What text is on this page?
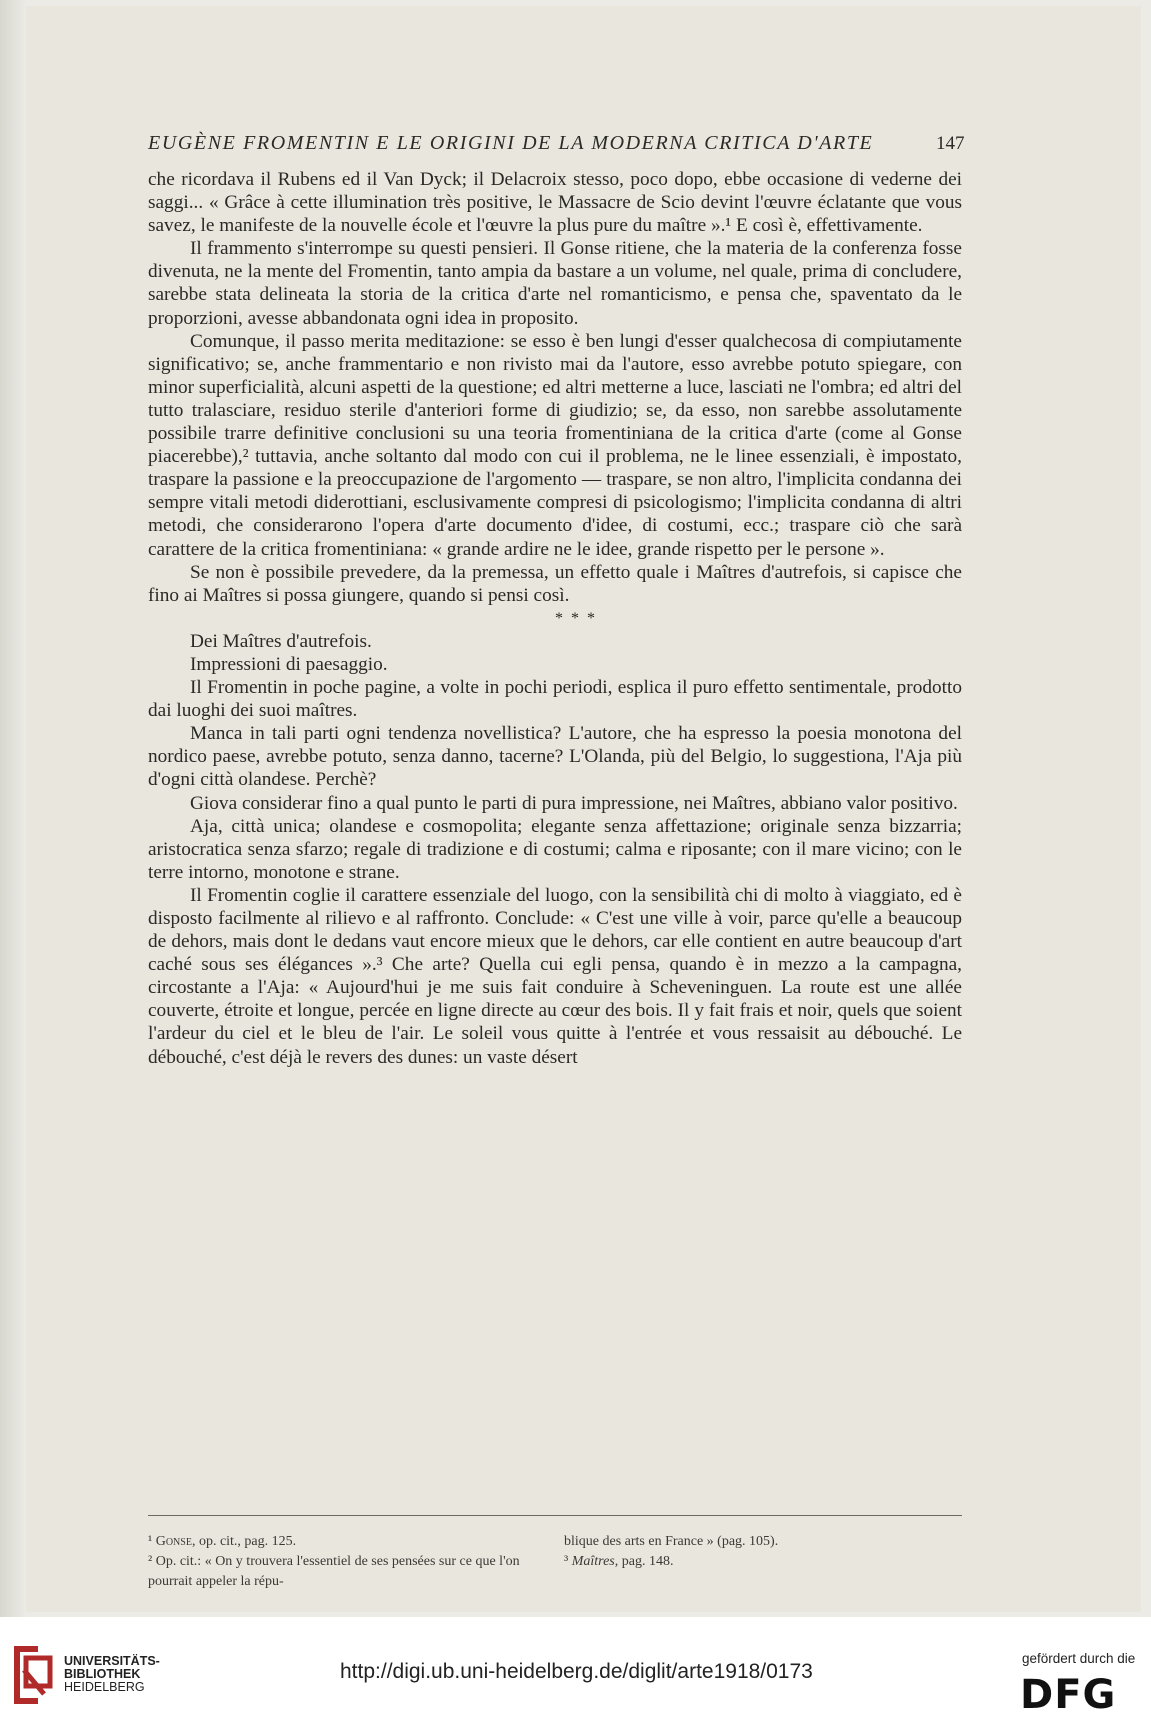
EUGÈNE FROMENTIN E LE ORIGINI DE LA MODERNA CRITICA D'ARTE	147

che ricordava il Rubens ed il Van Dyck; il Delacroix stesso, poco dopo, ebbe occasione di vederne dei saggi... « Grâce à cette illumination très positive, le Massacre de Scio devint l'œuvre éclatante que vous savez, le manifeste de la nouvelle école et l'œuvre la plus pure du maître ».¹ E così è, effettivamente.

Il frammento s'interrompe su questi pensieri. Il Gonse ritiene, che la materia de la conferenza fosse divenuta, ne la mente del Fromentin, tanto ampia da bastare a un volume, nel quale, prima di concludere, sarebbe stata delineata la storia de la critica d'arte nel romanticismo, e pensa che, spaventato da le proporzioni, avesse abbandonata ogni idea in proposito.

Comunque, il passo merita meditazione: se esso è ben lungi d'esser qualchecosa di compiutamente significativo; se, anche frammentario e non rivisto mai da l'autore, esso avrebbe potuto spiegare, con minor superficialità, alcuni aspetti de la questione; ed altri metterne a luce, lasciati ne l'ombra; ed altri del tutto tralasciare, residuo sterile d'anteriori forme di giudizio; se, da esso, non sarebbe assolutamente possibile trarre definitive conclusioni su una teoria fromentiniana de la critica d'arte (come al Gonse piacerebbe),² tuttavia, anche soltanto dal modo con cui il problema, ne le linee essenziali, è impostato, traspare la passione e la preoccupazione de l'argomento — traspare, se non altro, l'implicita condanna dei sempre vitali metodi diderottiani, esclusivamente compresi di psicologismo; l'implicita condanna di altri metodi, che considerarono l'opera d'arte documento d'idee, di costumi, ecc.; traspare ciò che sarà carattere de la critica fromentiniana: « grande ardire ne le idee, grande rispetto per le persone ».

Se non è possibile prevedere, da la premessa, un effetto quale i Maîtres d'autrefois, si capisce che fino ai Maîtres si possa giungere, quando si pensi così.

* * *

Dei Maîtres d'autrefois.

Impressioni di paesaggio.

Il Fromentin in poche pagine, a volte in pochi periodi, esplica il puro effetto sentimentale, prodotto dai luoghi dei suoi maîtres.

Manca in tali parti ogni tendenza novellistica? L'autore, che ha espresso la poesia monotona del nordico paese, avrebbe potuto, senza danno, tacerne? L'Olanda, più del Belgio, lo suggestiona, l'Aja più d'ogni città olandese. Perchè?

Giova considerar fino a qual punto le parti di pura impressione, nei Maîtres, abbiano valor positivo.

Aja, città unica; olandese e cosmopolita; elegante senza affettazione; originale senza bizzarria; aristocratica senza sfarzo; regale di tradizione e di costumi; calma e riposante; con il mare vicino; con le terre intorno, monotone e strane.

Il Fromentin coglie il carattere essenziale del luogo, con la sensibilità chi di molto à viaggiato, ed è disposto facilmente al rilievo e al raffronto. Conclude: « C'est une ville à voir, parce qu'elle a beaucoup de dehors, mais dont le dedans vaut encore mieux que le dehors, car elle contient en autre beaucoup d'art caché sous ses élégances ».³ Che arte? Quella cui egli pensa, quando è in mezzo a la campagna, circostante a l'Aja: « Aujourd'hui je me suis fait conduire à Scheveninguen. La route est une allée couverte, étroite et longue, percée en ligne directe au cœur des bois. Il y fait frais et noir, quels que soient l'ardeur du ciel et le bleu de l'air. Le soleil vous quitte à l'entrée et vous ressaisit au débouché. Le débouché, c'est déjà le revers des dunes: un vaste désert

¹ Gonse, op. cit., pag. 125.

² Op. cit.: « On y trouvera l'essentiel de ses pensées sur ce que l'on pourrait appeler la répu-

blique des arts en France » (pag. 105).

³ Maîtres, pag. 148.

UNIVERSITÄTS-
BIBLIOTHEK
HEIDELBERG
http://digi.ub.uni-heidelberg.de/diglit/arte1918/0173
gefördert durch die
DFG
